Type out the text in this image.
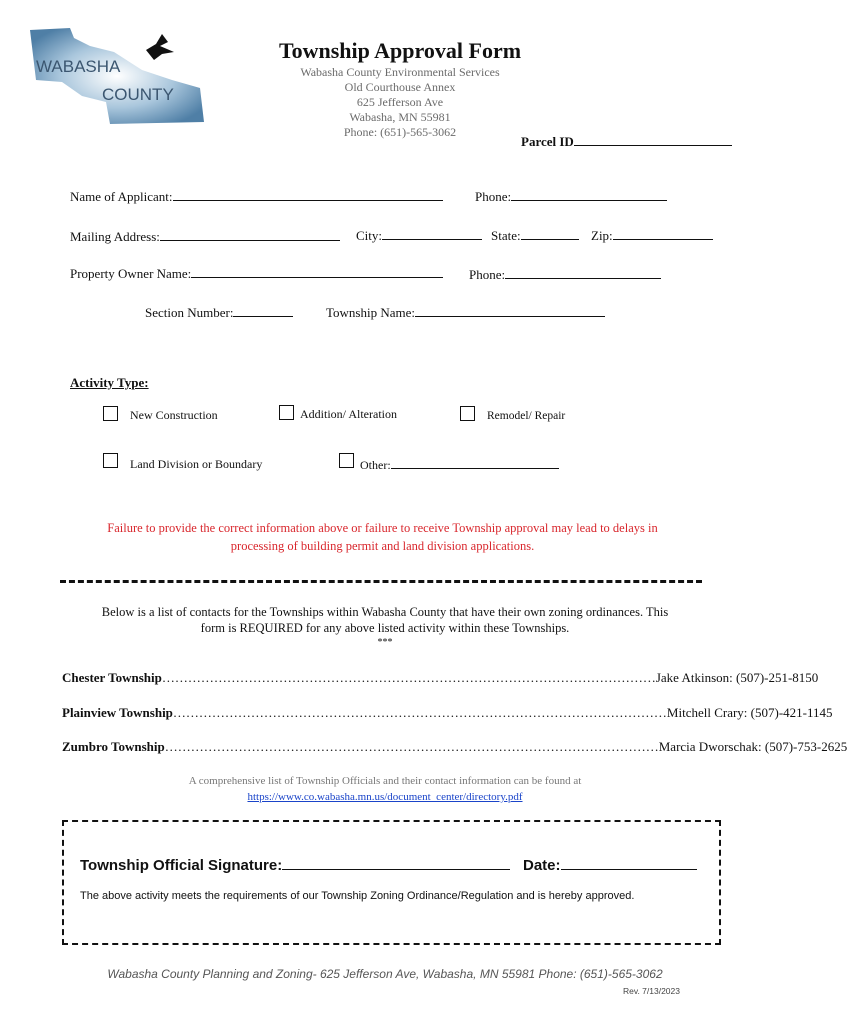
WABASHA
COUNTY
Township Approval Form
Wabasha County Environmental Services
Old Courthouse Annex
625 Jefferson Ave
Wabasha, MN 55981
Phone: (651)-565-3062
Parcel ID
Name of Applicant:	Phone:
Mailing Address:	City:	State:	Zip:
Property Owner Name:	Phone:
Section Number:	Township Name:
Activity Type:
New Construction	Addition/ Alteration	Remodel/ Repair
Land Division or Boundary	Other:
Failure to provide the correct information above or failure to receive Township approval may lead to delays in
processing of building permit and land division applications.
Below is a list of contacts for the Townships within Wabasha County that have their own zoning ordinances. This
form is REQUIRED for any above listed activity within these Townships.
***
Chester Township …………………………………………………………………………………………………… Jake Atkinson: (507)-251-8150
Plainview Township …………………………………………………………………………………………………… Mitchell Crary: (507)-421-1145
Zumbro Township …………………………………………………………………………………………………… Marcia Dworschak: (507)-753-2625
A comprehensive list of Township Officials and their contact information can be found at
https://www.co.wabasha.mn.us/document_center/directory.pdf
Township Official Signature:	Date:
The above activity meets the requirements of our Township Zoning Ordinance/Regulation and is hereby approved.
Wabasha County Planning and Zoning- 625 Jefferson Ave, Wabasha, MN 55981 Phone: (651)-565-3062
Rev. 7/13/2023
